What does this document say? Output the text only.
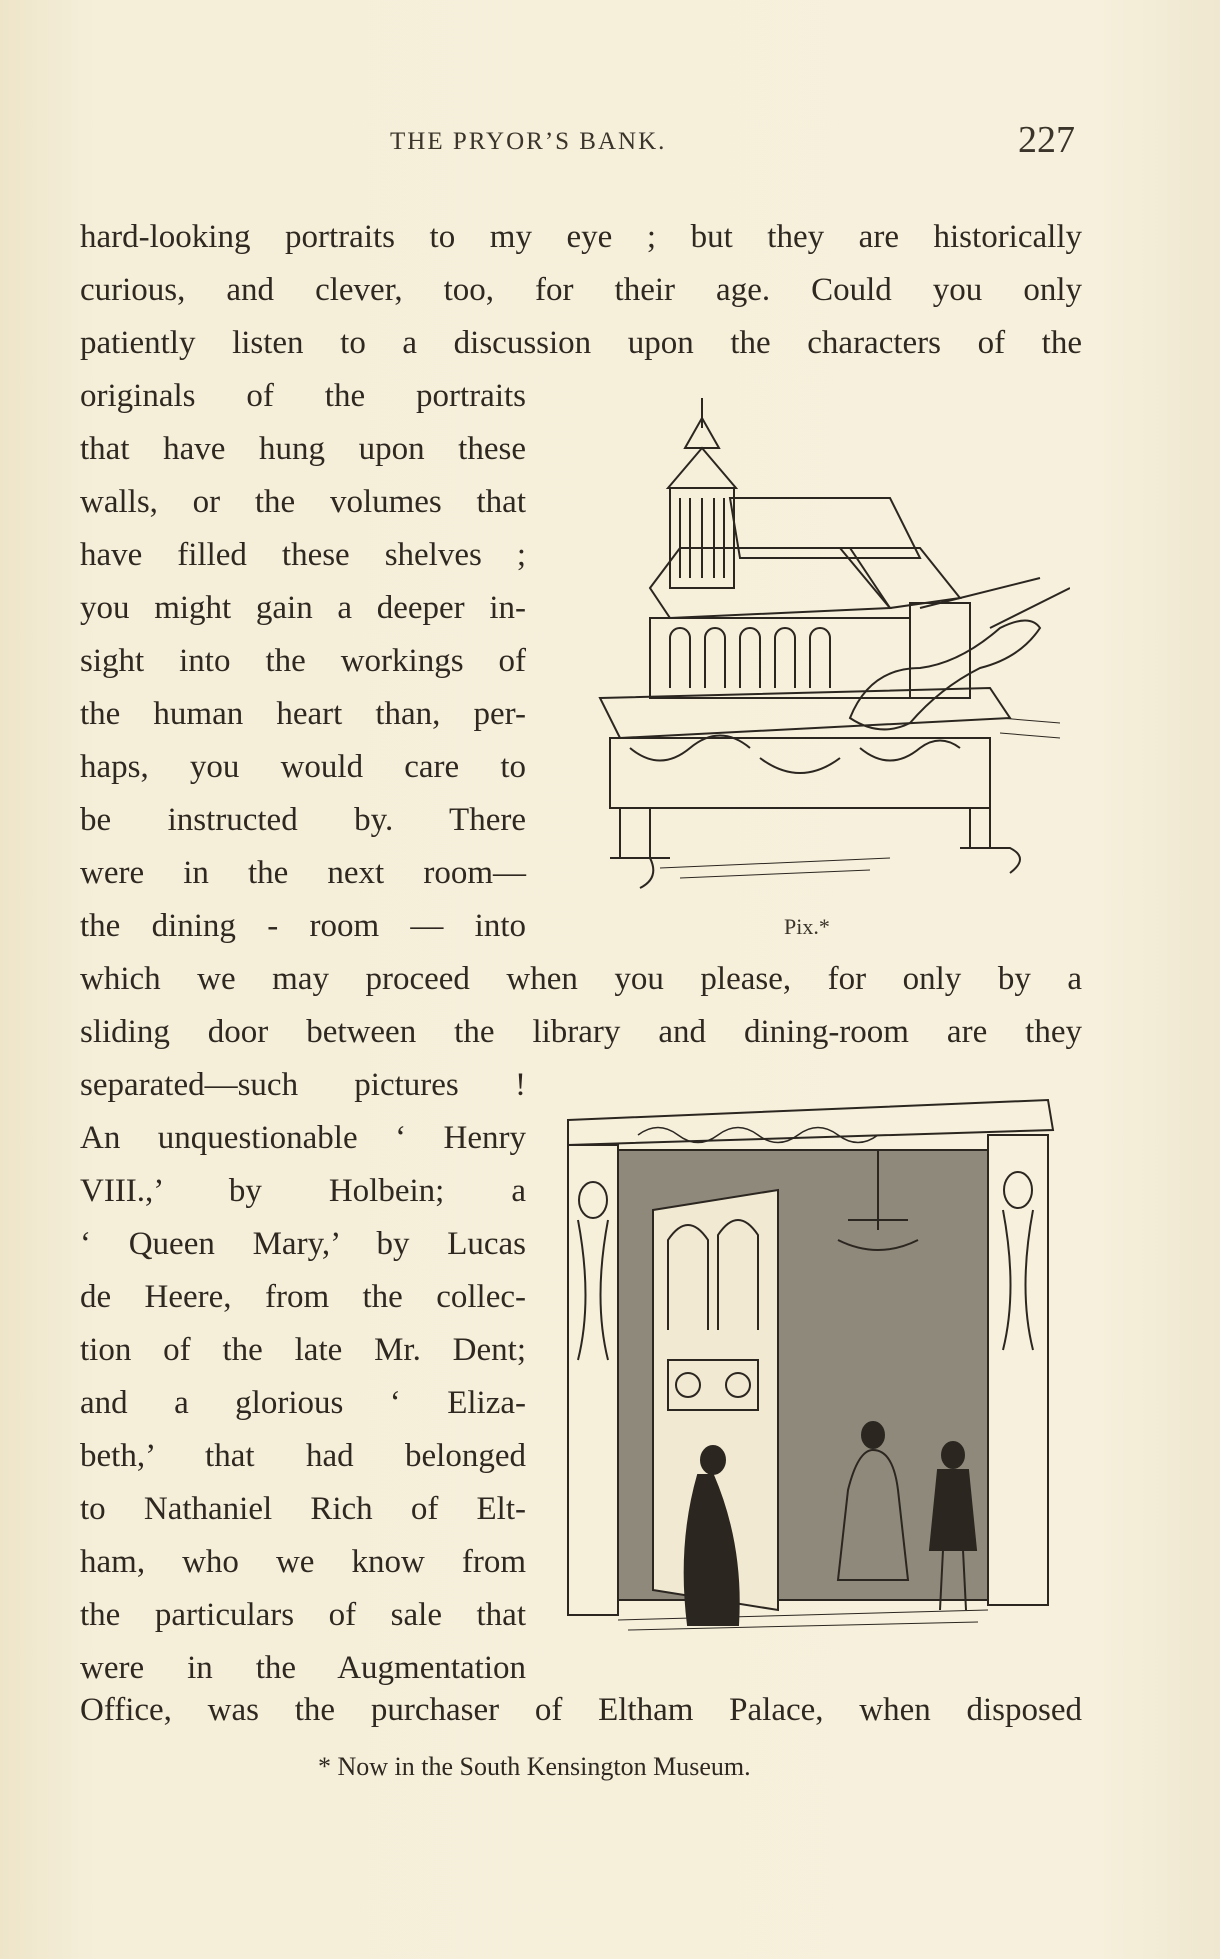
THE PRYOR’S BANK.	227
hard-looking portraits to my eye ; but they are historically
curious, and clever, too, for their age. Could you only
patiently listen to a discussion upon the characters of the
originals of the portraits
that have hung upon these
walls, or the volumes that
have filled these shelves ;
you might gain a deeper in-
sight into the workings of
the human heart than, per-
haps, you would care to
be instructed by. There
were in the next room—
the dining - room — into
which we may proceed when you please, for only by a
sliding door between the library and dining-room are they
separated—such pictures !
An unquestionable ‘ Henry
VIII.,’ by Holbein; a
‘ Queen Mary,’ by Lucas
de Heere, from the collec-
tion of the late Mr. Dent;
and a glorious ‘ Eliza-
beth,’ that had belonged
to Nathaniel Rich of Elt-
ham, who we know from
the particulars of sale that
were in the Augmentation
Office, was the purchaser of Eltham Palace, when disposed
Pix.*
* Now in the South Kensington Museum.
